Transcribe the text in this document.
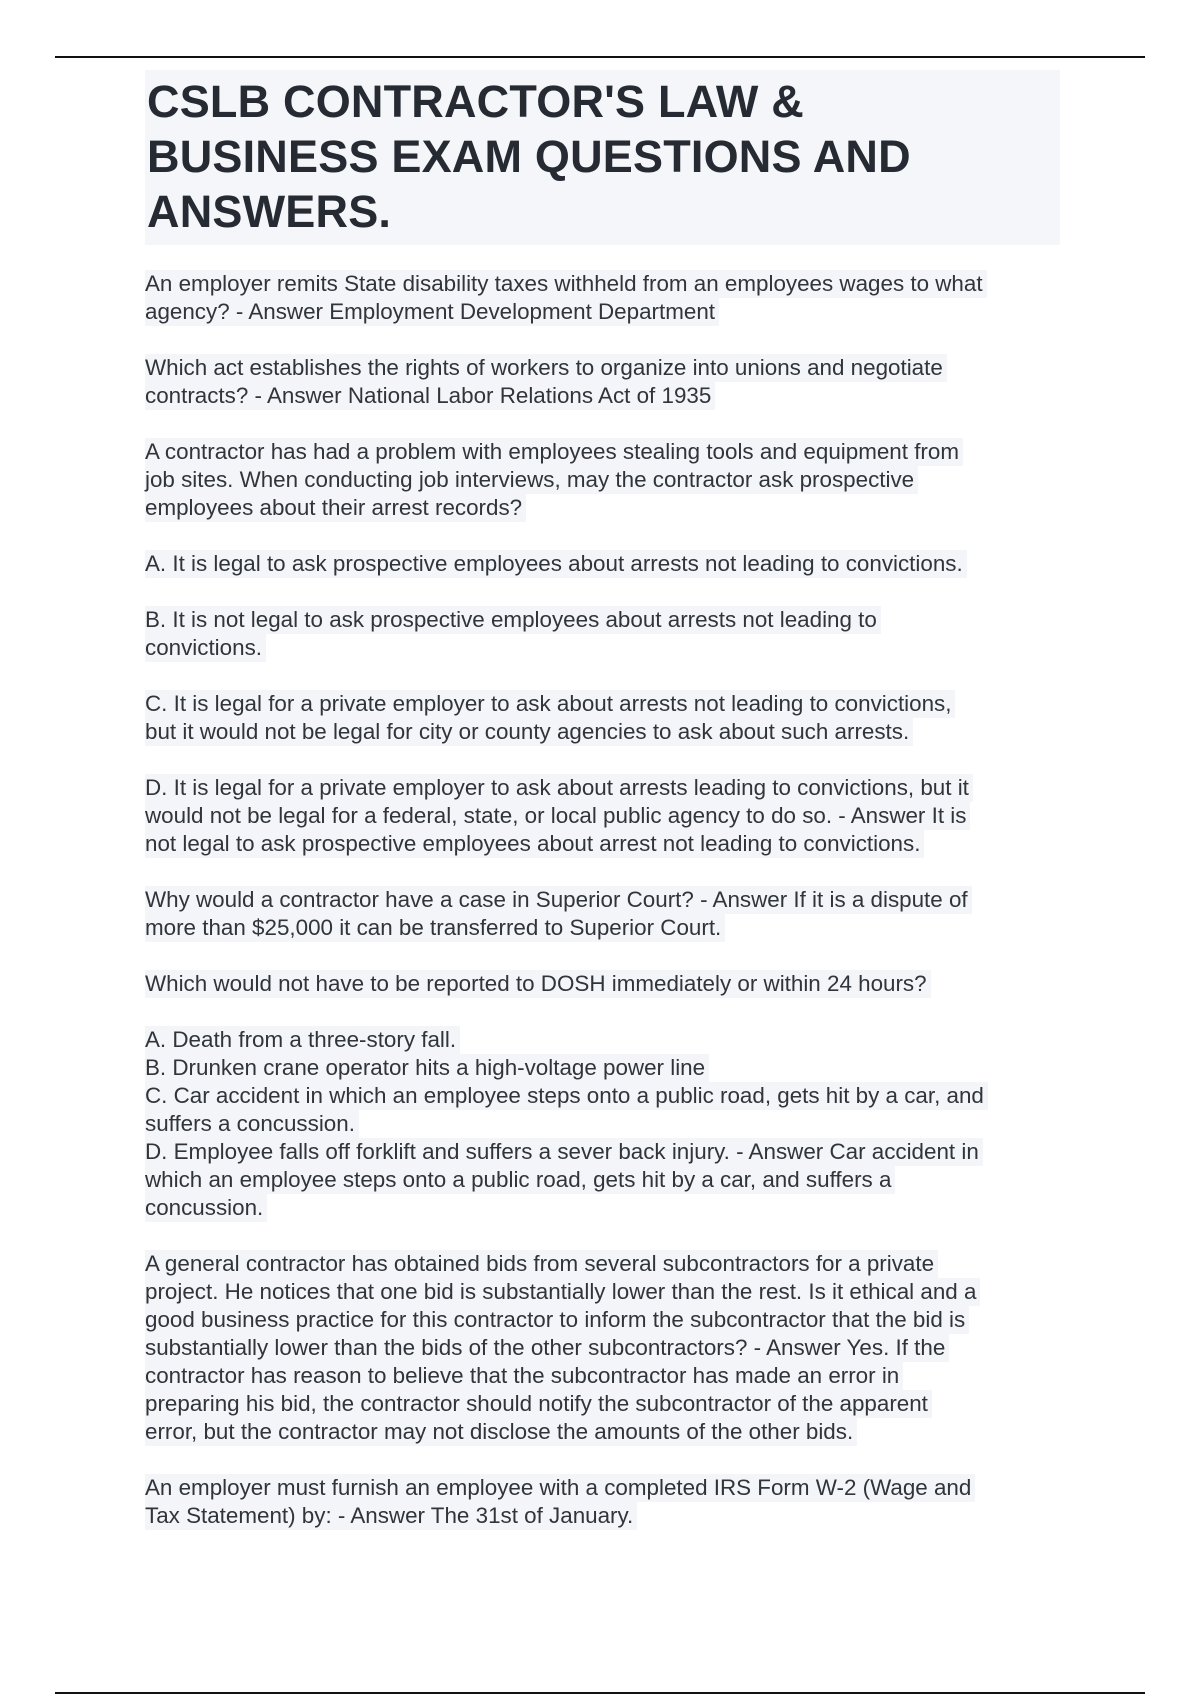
CSLB CONTRACTOR'S LAW &
BUSINESS EXAM QUESTIONS AND
ANSWERS.

An employer remits State disability taxes withheld from an employees wages to what
agency? - Answer Employment Development Department

Which act establishes the rights of workers to organize into unions and negotiate
contracts? - Answer National Labor Relations Act of 1935

A contractor has had a problem with employees stealing tools and equipment from
job sites. When conducting job interviews, may the contractor ask prospective
employees about their arrest records?

A. It is legal to ask prospective employees about arrests not leading to convictions.

B. It is not legal to ask prospective employees about arrests not leading to
convictions.

C. It is legal for a private employer to ask about arrests not leading to convictions,
but it would not be legal for city or county agencies to ask about such arrests.

D. It is legal for a private employer to ask about arrests leading to convictions, but it
would not be legal for a federal, state, or local public agency to do so. - Answer It is
not legal to ask prospective employees about arrest not leading to convictions.

Why would a contractor have a case in Superior Court? - Answer If it is a dispute of
more than $25,000 it can be transferred to Superior Court.

Which would not have to be reported to DOSH immediately or within 24 hours?

A. Death from a three-story fall.
B. Drunken crane operator hits a high-voltage power line
C. Car accident in which an employee steps onto a public road, gets hit by a car, and
suffers a concussion.
D. Employee falls off forklift and suffers a sever back injury. - Answer Car accident in
which an employee steps onto a public road, gets hit by a car, and suffers a
concussion.

A general contractor has obtained bids from several subcontractors for a private
project. He notices that one bid is substantially lower than the rest. Is it ethical and a
good business practice for this contractor to inform the subcontractor that the bid is
substantially lower than the bids of the other subcontractors? - Answer Yes. If the
contractor has reason to believe that the subcontractor has made an error in
preparing his bid, the contractor should notify the subcontractor of the apparent
error, but the contractor may not disclose the amounts of the other bids.

An employer must furnish an employee with a completed IRS Form W-2 (Wage and
Tax Statement) by: - Answer The 31st of January.
